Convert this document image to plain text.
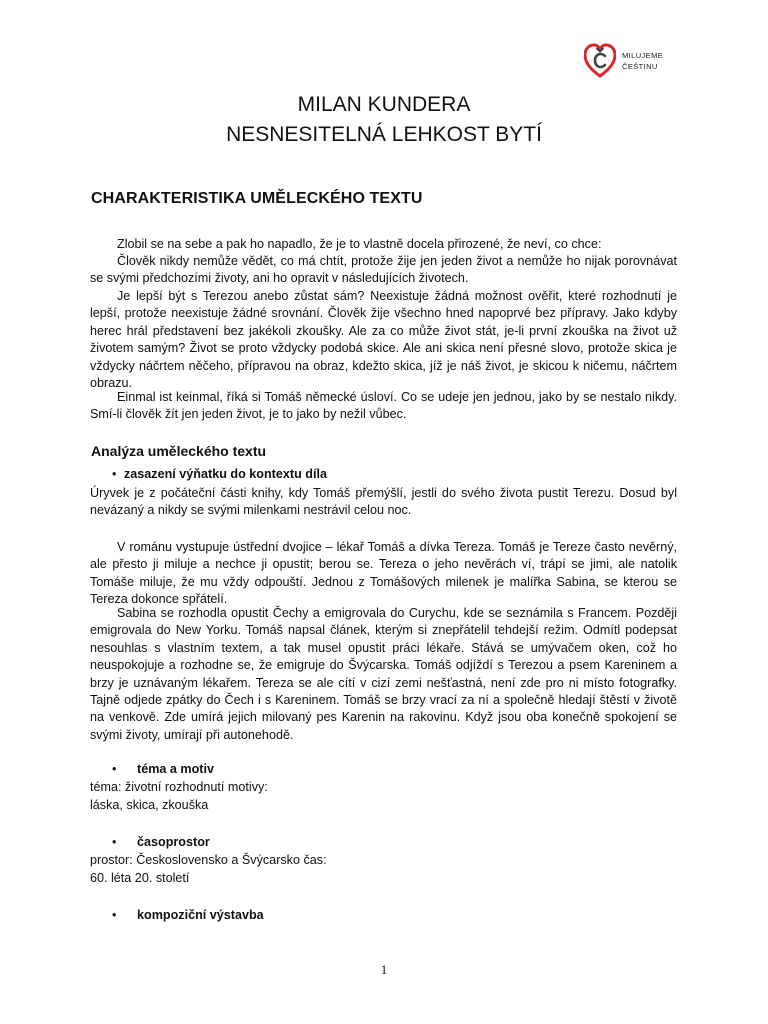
MILUJEME
ČEŠTINU
MILAN KUNDERA
NESNESITELNÁ LEHKOST BYTÍ
CHARAKTERISTIKA UMĚLECKÉHO TEXTU

Zlobil se na sebe a pak ho napadlo, že je to vlastně docela přirozené, že neví, co chce:

Člověk nikdy nemůže vědět, co má chtít, protože žije jen jeden život a nemůže ho nijak porovnávat se svými předchozími životy, ani ho opravit v následujících životech.

Je lepší být s Terezou anebo zůstat sám? Neexistuje žádná možnost ověřit, které rozhodnutí je lepší, protože neexistuje žádné srovnání. Člověk žije všechno hned napoprvé bez přípravy. Jako kdyby herec hrál představení bez jakékoli zkoušky. Ale za co může život stát, je-li první zkouška na život už životem samým? Život se proto vždycky podobá skice. Ale ani skica není přesné slovo, protože skica je vždycky náčrtem něčeho, přípravou na obraz, kdežto skica, jíž je náš život, je skicou k ničemu, náčrtem obrazu.

Einmal ist keinmal, říká si Tomáš německé úsloví. Co se udeje jen jednou, jako by se nestalo nikdy. Smí-li člověk žít jen jeden život, je to jako by nežil vůbec.

Analýza uměleckého textu
• zasazení výňatku do kontextu díla

Úryvek je z počáteční části knihy, kdy Tomáš přemýšlí, jestli do svého života pustit Terezu. Dosud byl nevázaný a nikdy se svými milenkami nestrávil celou noc.

V románu vystupuje ústřední dvojice – lékař Tomáš a dívka Tereza. Tomáš je Tereze často nevěrný, ale přesto ji miluje a nechce ji opustit; berou se. Tereza o jeho nevěrách ví, trápí se jimi, ale natolik Tomáše miluje, že mu vždy odpouští. Jednou z Tomášových milenek je malířka Sabina, se kterou se Tereza dokonce spřátelí.

Sabina se rozhodla opustit Čechy a emigrovala do Curychu, kde se seznámila s Francem. Později emigrovala do New Yorku. Tomáš napsal článek, kterým si znepřátelil tehdejší režim. Odmítl podepsat nesouhlas s vlastním textem, a tak musel opustit práci lékaře. Stává se umývačem oken, což ho neuspokojuje a rozhodne se, že emigruje do Švýcarska. Tomáš odjíždí s Terezou a psem Kareninem a brzy je uznávaným lékařem. Tereza se ale cítí v cizí zemi nešťastná, není zde pro ni místo fotografky. Tajně odjede zpátky do Čech i s Kareninem. Tomáš se brzy vrací za ní a společně hledají štěstí v životě na venkově. Zde umírá jejich milovaný pes Karenin na rakovinu. Když jsou oba konečně spokojení se svými životy, umírají při autonehodě.

• téma a motiv
téma: životní rozhodnutí motivy:
láska, skica, zkouška
• časoprostor
prostor: Československo a Švýcarsko čas:
60. léta 20. století
• kompoziční výstavba
1
